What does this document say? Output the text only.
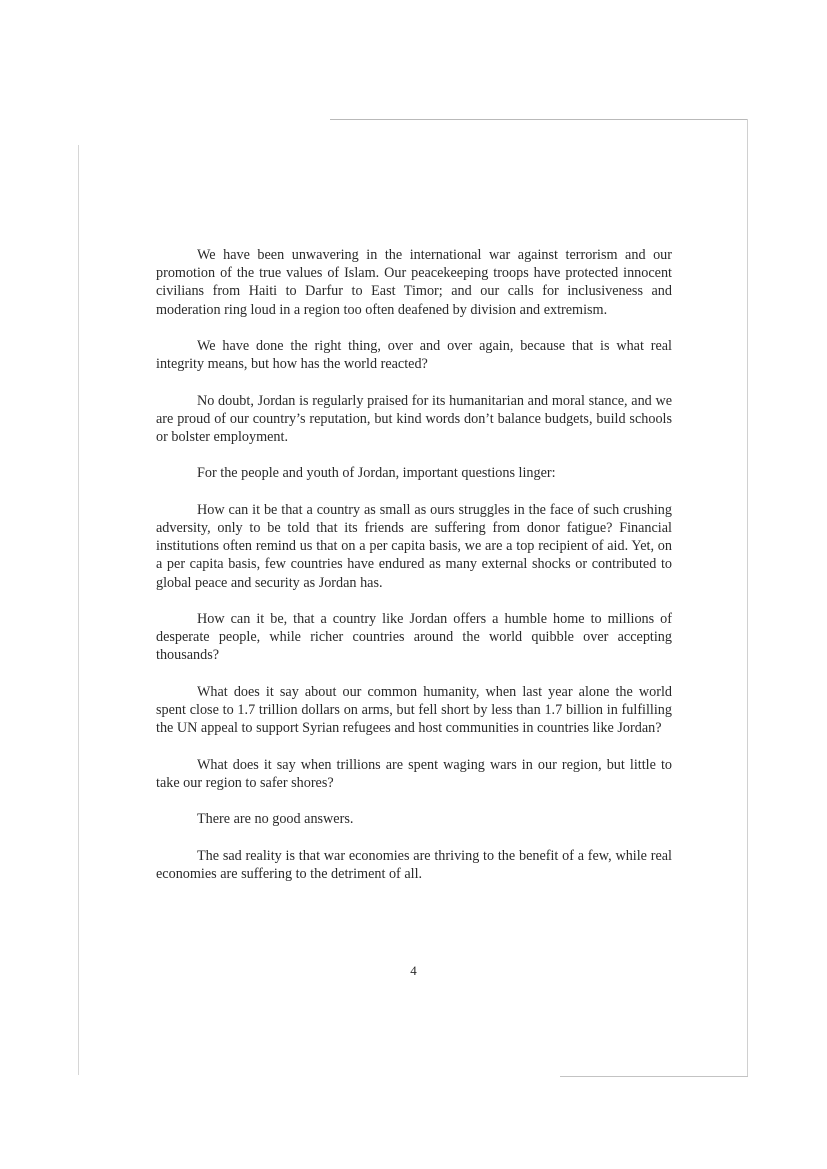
We have been unwavering in the international war against terrorism and our promotion of the true values of Islam. Our peacekeeping troops have protected innocent civilians from Haiti to Darfur to East Timor; and our calls for inclusiveness and moderation ring loud in a region too often deafened by division and extremism.

We have done the right thing, over and over again, because that is what real integrity means, but how has the world reacted?

No doubt, Jordan is regularly praised for its humanitarian and moral stance, and we are proud of our country’s reputation, but kind words don’t balance budgets, build schools or bolster employment.

For the people and youth of Jordan, important questions linger:

How can it be that a country as small as ours struggles in the face of such crushing adversity, only to be told that its friends are suffering from donor fatigue? Financial institutions often remind us that on a per capita basis, we are a top recipient of aid. Yet, on a per capita basis, few countries have endured as many external shocks or contributed to global peace and security as Jordan has.

How can it be, that a country like Jordan offers a humble home to millions of desperate people, while richer countries around the world quibble over accepting thousands?

What does it say about our common humanity, when last year alone the world spent close to 1.7 trillion dollars on arms, but fell short by less than 1.7 billion in fulfilling the UN appeal to support Syrian refugees and host communities in countries like Jordan?

What does it say when trillions are spent waging wars in our region, but little to take our region to safer shores?

There are no good answers.

The sad reality is that war economies are thriving to the benefit of a few, while real economies are suffering to the detriment of all.

4
